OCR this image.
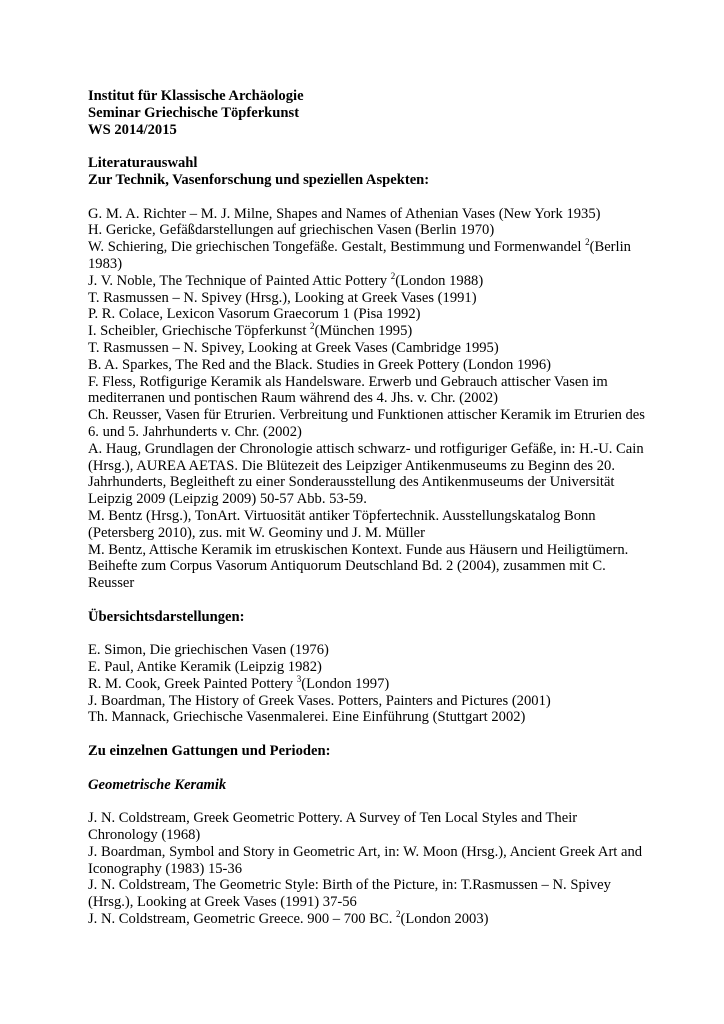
Institut für Klassische Archäologie
Seminar Griechische Töpferkunst
WS 2014/2015
Literaturauswahl
Zur Technik, Vasenforschung und speziellen Aspekten:

G. M. A. Richter – M. J. Milne, Shapes and Names of Athenian Vases (New York 1935)

H. Gericke, Gefäßdarstellungen auf griechischen Vasen (Berlin 1970)

W. Schiering, Die griechischen Tongefäße. Gestalt, Bestimmung und Formenwandel $^2$(Berlin 1983)

J. V. Noble, The Technique of Painted Attic Pottery $^2$(London 1988)

T. Rasmussen – N. Spivey (Hrsg.), Looking at Greek Vases (1991)

P. R. Colace, Lexicon Vasorum Graecorum 1 (Pisa 1992)

I. Scheibler, Griechische Töpferkunst $^2$(München 1995)

T. Rasmussen – N. Spivey, Looking at Greek Vases (Cambridge 1995)

B. A. Sparkes, The Red and the Black. Studies in Greek Pottery (London 1996)

F. Fless, Rotfigurige Keramik als Handelsware. Erwerb und Gebrauch attischer Vasen im mediterranen und pontischen Raum während des 4. Jhs. v. Chr. (2002)

Ch. Reusser, Vasen für Etrurien. Verbreitung und Funktionen attischer Keramik im Etrurien des 6. und 5. Jahrhunderts v. Chr. (2002)

A. Haug, Grundlagen der Chronologie attisch schwarz- und rotfiguriger Gefäße, in: H.-U. Cain (Hrsg.), AUREA AETAS. Die Blütezeit des Leipziger Antikenmuseums zu Beginn des 20. Jahrhunderts, Begleitheft zu einer Sonderausstellung des Antikenmuseums der Universität Leipzig 2009 (Leipzig 2009) 50-57 Abb. 53-59.

M. Bentz (Hrsg.), TonArt. Virtuosität antiker Töpfertechnik. Ausstellungskatalog Bonn (Petersberg 2010), zus. mit W. Geominy und J. M. Müller

M. Bentz, Attische Keramik im etruskischen Kontext. Funde aus Häusern und Heiligtümern. Beihefte zum Corpus Vasorum Antiquorum Deutschland Bd. 2 (2004), zusammen mit C. Reusser

Übersichtsdarstellungen:

E. Simon, Die griechischen Vasen (1976)

E. Paul, Antike Keramik (Leipzig 1982)

R. M. Cook, Greek Painted Pottery $^3$(London 1997)

J. Boardman, The History of Greek Vases. Potters, Painters and Pictures (2001)

Th. Mannack, Griechische Vasenmalerei. Eine Einführung (Stuttgart 2002)

Zu einzelnen Gattungen und Perioden:
Geometrische Keramik

J. N. Coldstream, Greek Geometric Pottery. A Survey of Ten Local Styles and Their Chronology (1968)

J. Boardman, Symbol and Story in Geometric Art, in: W. Moon (Hrsg.), Ancient Greek Art and Iconography (1983) 15-36

J. N. Coldstream, The Geometric Style: Birth of the Picture, in: T.Rasmussen – N. Spivey (Hrsg.), Looking at Greek Vases (1991) 37-56

J. N. Coldstream, Geometric Greece. 900 – 700 BC. $^2$(London 2003)
